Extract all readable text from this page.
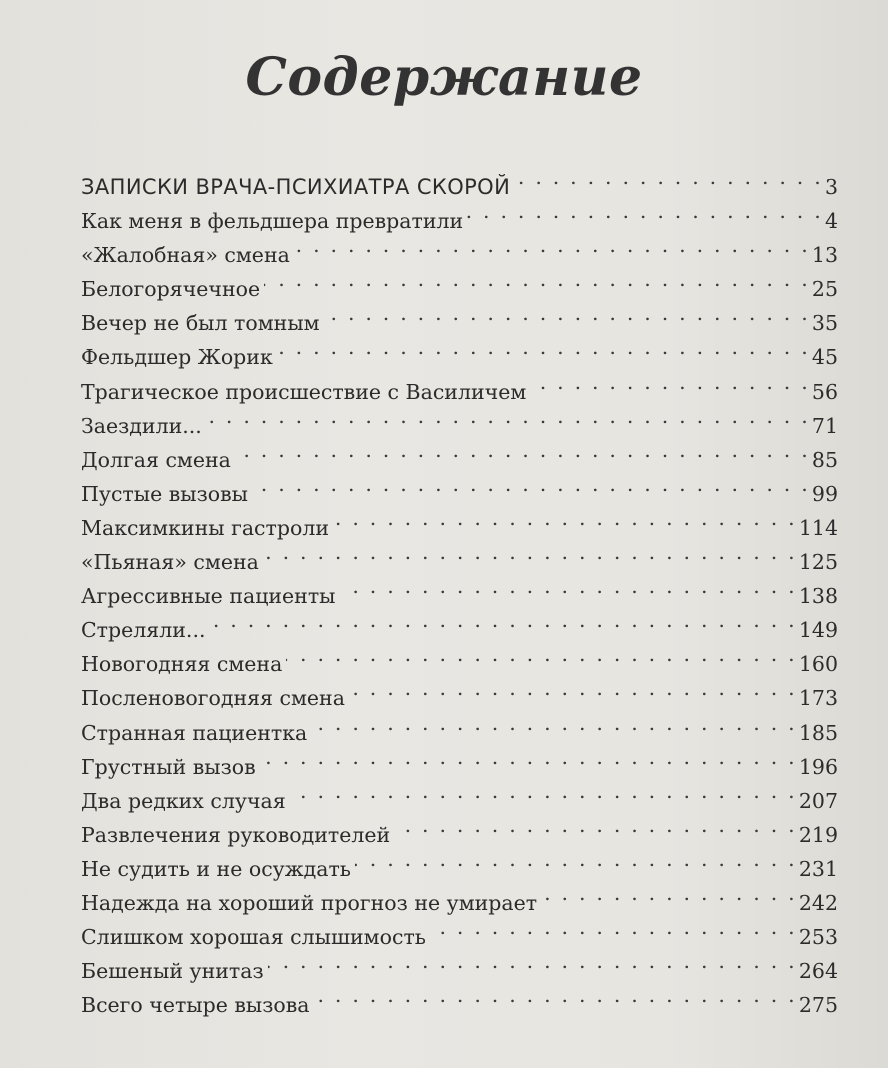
Содержание
ЗАПИСКИ ВРАЧА-ПСИХИАТРА СКОРОЙ . . .	3
Как меня в фельдшера превратили . . .	4
«Жалобная» смена . . .	13
Белогорячечное . . .	25
Вечер не был томным . . .	35
Фельдшер Жорик . . .	45
Трагическое происшествие с Василичем . . .	56
Заездили... . . .	71
Долгая смена . . .	85
Пустые вызовы . . .	99
Максимкины гастроли . . .	114
«Пьяная» смена . . .	125
Агрессивные пациенты . . .	138
Стреляли... . . .	149
Новогодняя смена . . .	160
Посленовогодняя смена . . .	173
Странная пациентка . . .	185
Грустный вызов . . .	196
Два редких случая . . .	207
Развлечения руководителей . . .	219
Не судить и не осуждать . . .	231
Надежда на хороший прогноз не умирает . . .	242
Слишком хорошая слышимость . . .	253
Бешеный унитаз . . .	264
Всего четыре вызова . . .	275
